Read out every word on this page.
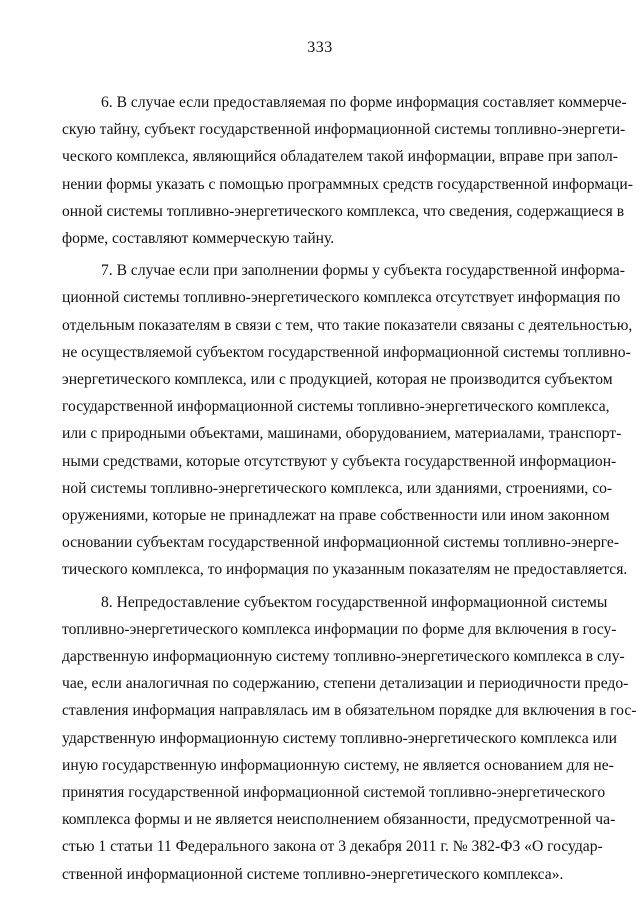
333
6. В случае если предоставляемая по форме информация составляет коммерче-
скую тайну, субъект государственной информационной системы топливно-энергети-
ческого комплекса, являющийся обладателем такой информации, вправе при запол-
нении формы указать с помощью программных средств государственной информаци-
онной системы топливно-энергетического комплекса, что сведения, содержащиеся в
форме, составляют коммерческую тайну.
7. В случае если при заполнении формы у субъекта государственной информа-
ционной системы топливно-энергетического комплекса отсутствует информация по
отдельным показателям в связи с тем, что такие показатели связаны с деятельностью,
не осуществляемой субъектом государственной информационной системы топливно-
энергетического комплекса, или с продукцией, которая не производится субъектом
государственной информационной системы топливно-энергетического комплекса,
или с природными объектами, машинами, оборудованием, материалами, транспорт-
ными средствами, которые отсутствуют у субъекта государственной информацион-
ной системы топливно-энергетического комплекса, или зданиями, строениями, со-
оружениями, которые не принадлежат на праве собственности или ином законном
основании субъектам государственной информационной системы топливно-энерге-
тического комплекса, то информация по указанным показателям не предоставляется.
8. Непредоставление субъектом государственной информационной системы
топливно-энергетического комплекса информации по форме для включения в госу-
дарственную информационную систему топливно-энергетического комплекса в слу-
чае, если аналогичная по содержанию, степени детализации и периодичности предо-
ставления информация направлялась им в обязательном порядке для включения в гос-
ударственную информационную систему топливно-энергетического комплекса или
иную государственную информационную систему, не является основанием для не-
принятия государственной информационной системой топливно-энергетического
комплекса формы и не является неисполнением обязанности, предусмотренной ча-
стью 1 статьи 11 Федерального закона от 3 декабря 2011 г. № 382-ФЗ «О государ-
ственной информационной системе топливно-энергетического комплекса».
